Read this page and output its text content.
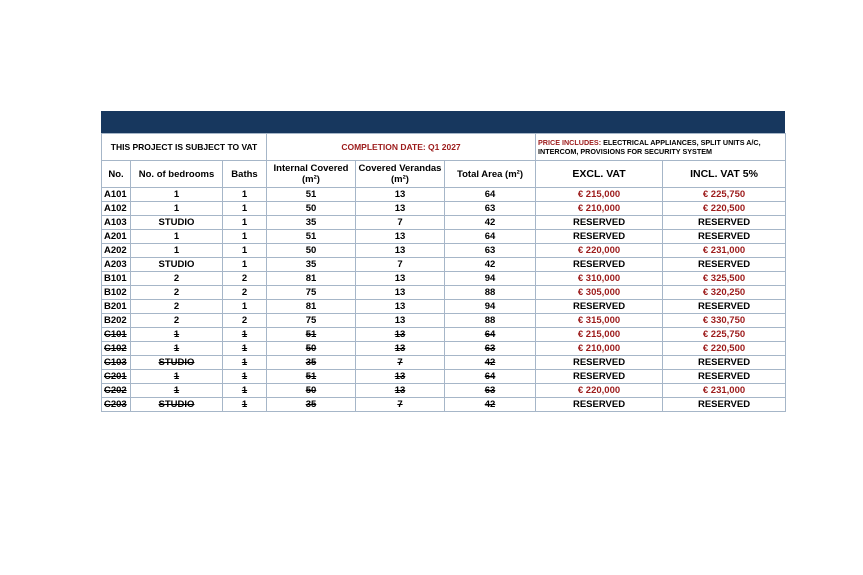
THIS PROJECT IS SUBJECT TO VAT			COMPLETION DATE: Q1 2027			PRICE INCLUDES: ELECTRICAL APPLIANCES, SPLIT UNITS A/C, INTERCOM, PROVISIONS FOR SECURITY SYSTEM	
No.	No. of bedrooms	Baths	Internal Covered (m²)	Covered Verandas (m²)	Total Area (m²)	EXCL. VAT	INCL. VAT 5%
A101	1	1	51	13	64	€ 215,000	€ 225,750
A102	1	1	50	13	63	€ 210,000	€ 220,500
A103	STUDIO	1	35	7	42	RESERVED	RESERVED
A201	1	1	51	13	64	RESERVED	RESERVED
A202	1	1	50	13	63	€ 220,000	€ 231,000
A203	STUDIO	1	35	7	42	RESERVED	RESERVED
B101	2	2	81	13	94	€ 310,000	€ 325,500
B102	2	2	75	13	88	€ 305,000	€ 320,250
B201	2	1	81	13	94	RESERVED	RESERVED
B202	2	2	75	13	88	€ 315,000	€ 330,750
C101	1	1	51	13	64	€ 215,000	€ 225,750
C102	1	1	50	13	63	€ 210,000	€ 220,500
C103	STUDIO	1	35	7	42	RESERVED	RESERVED
C201	1	1	51	13	64	RESERVED	RESERVED
C202	1	1	50	13	63	€ 220,000	€ 231,000
C203	STUDIO	1	35	7	42	RESERVED	RESERVED
